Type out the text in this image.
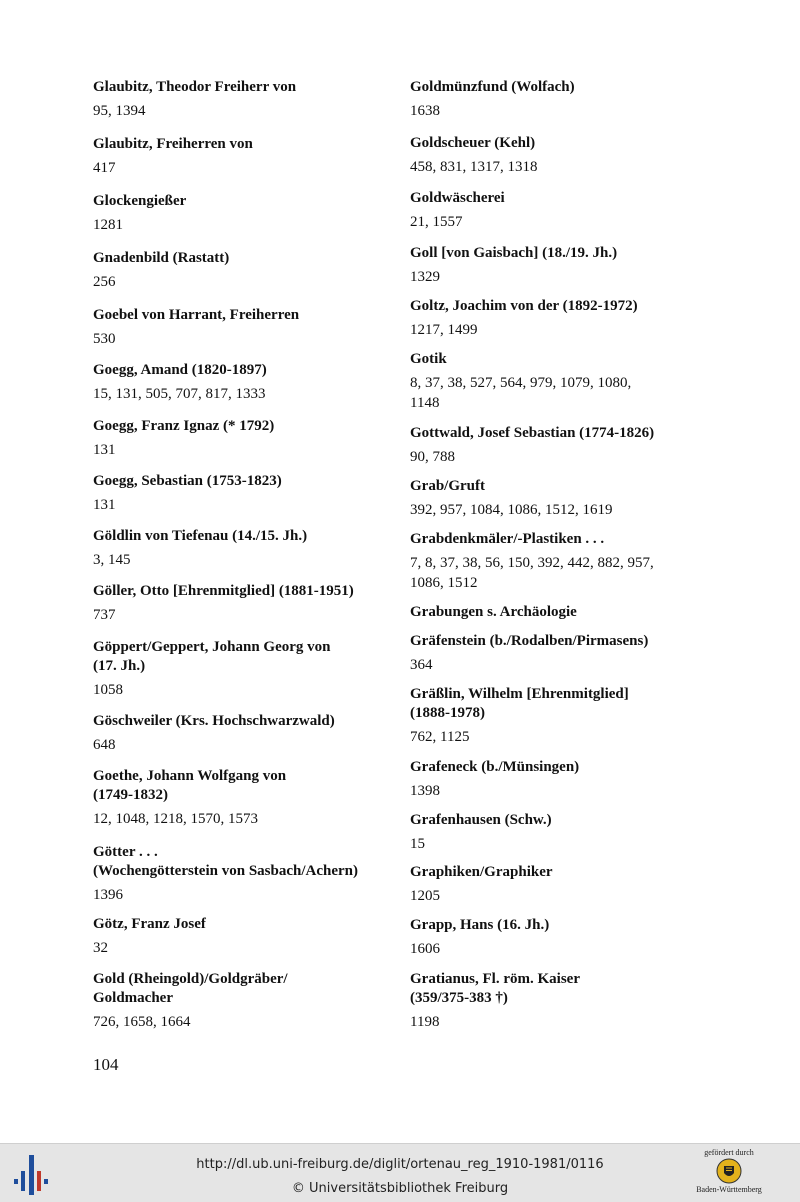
Glaubitz, Theodor Freiherr von
95, 1394
Glaubitz, Freiherren von
417
Glockengießer
1281
Gnadenbild (Rastatt)
256
Goebel von Harrant, Freiherren
530
Goegg, Amand (1820-1897)
15, 131, 505, 707, 817, 1333
Goegg, Franz Ignaz (* 1792)
131
Goegg, Sebastian (1753-1823)
131
Göldlin von Tiefenau (14./15. Jh.)
3, 145
Göller, Otto [Ehrenmitglied] (1881-1951)
737
Göppert/Geppert, Johann Georg von
(17. Jh.)
1058
Göschweiler (Krs. Hochschwarzwald)
648
Goethe, Johann Wolfgang von
(1749-1832)
12, 1048, 1218, 1570, 1573
Götter . . .
(Wochengötterstein von Sasbach/Achern)
1396
Götz, Franz Josef
32
Gold (Rheingold)/Goldgräber/
Goldmacher
726, 1658, 1664
Goldmünzfund (Wolfach)
1638
Goldscheuer (Kehl)
458, 831, 1317, 1318
Goldwäscherei
21, 1557
Goll [von Gaisbach] (18./19. Jh.)
1329
Goltz, Joachim von der (1892-1972)
1217, 1499
Gotik
8, 37, 38, 527, 564, 979, 1079, 1080,
1148
Gottwald, Josef Sebastian (1774-1826)
90, 788
Grab/Gruft
392, 957, 1084, 1086, 1512, 1619
Grabdenkmäler/-Plastiken . . .
7, 8, 37, 38, 56, 150, 392, 442, 882, 957,
1086, 1512
Grabungen s. Archäologie
Gräfenstein (b./Rodalben/Pirmasens)
364
Gräßlin, Wilhelm [Ehrenmitglied]
(1888-1978)
762, 1125
Grafeneck (b./Münsingen)
1398
Grafenhausen (Schw.)
15
Graphiken/Graphiker
1205
Grapp, Hans (16. Jh.)
1606
Gratianus, Fl. röm. Kaiser
(359/375-383 †)
1198
104
http://dl.ub.uni-freiburg.de/diglit/ortenau_reg_1910-1981/0116
© Universitätsbibliothek Freiburg
gefördert durch
Baden-Württemberg
